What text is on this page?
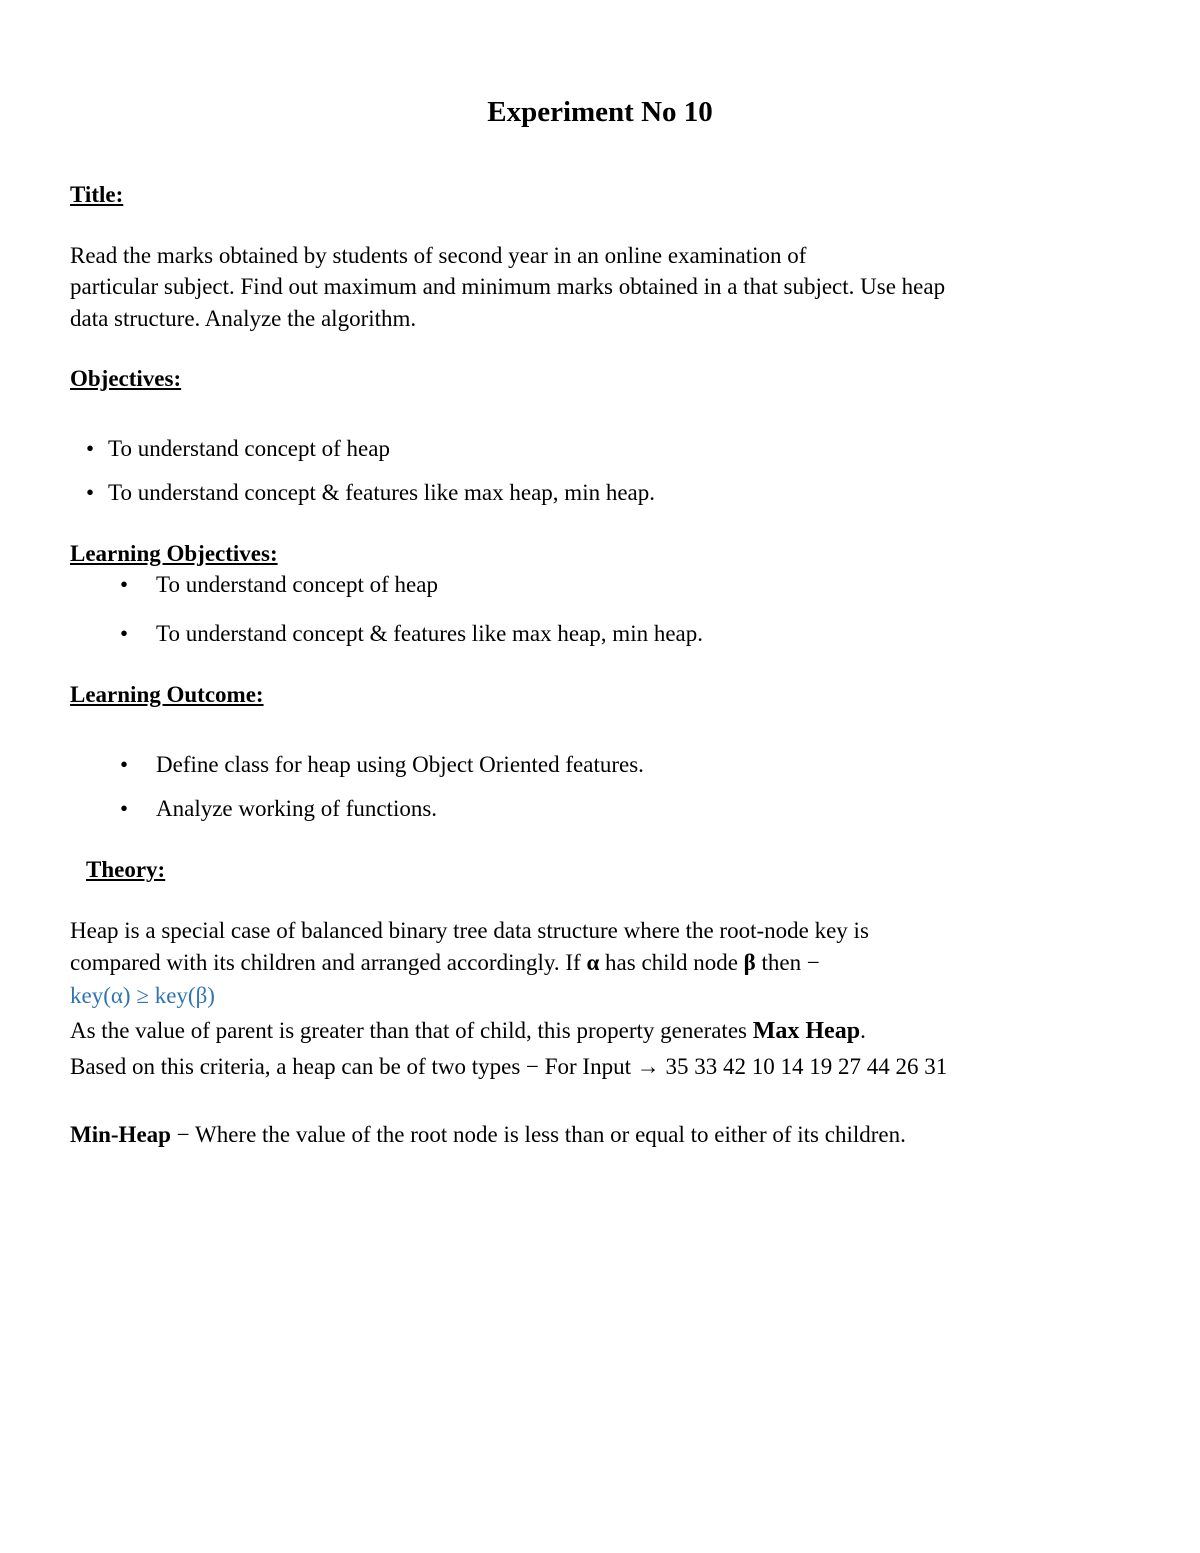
Experiment No 10
Title:
Read the marks obtained by students of second year in an online examination of
particular subject. Find out maximum and minimum marks obtained in a that subject. Use heap
data structure. Analyze the algorithm.
Objectives:
• To understand concept of heap
• To understand concept & features like max heap, min heap.
Learning Objectives:
• To understand concept of heap
• To understand concept & features like max heap, min heap.
Learning Outcome:
• Define class for heap using Object Oriented features.
• Analyze working of functions.
Theory:
Heap is a special case of balanced binary tree data structure where the root-node key is
compared with its children and arranged accordingly. If α has child node β then −
key(α) ≥ key(β)
As the value of parent is greater than that of child, this property generates Max Heap.
Based on this criteria, a heap can be of two types − For Input → 35 33 42 10 14 19 27 44 26 31
Min-Heap − Where the value of the root node is less than or equal to either of its children.
